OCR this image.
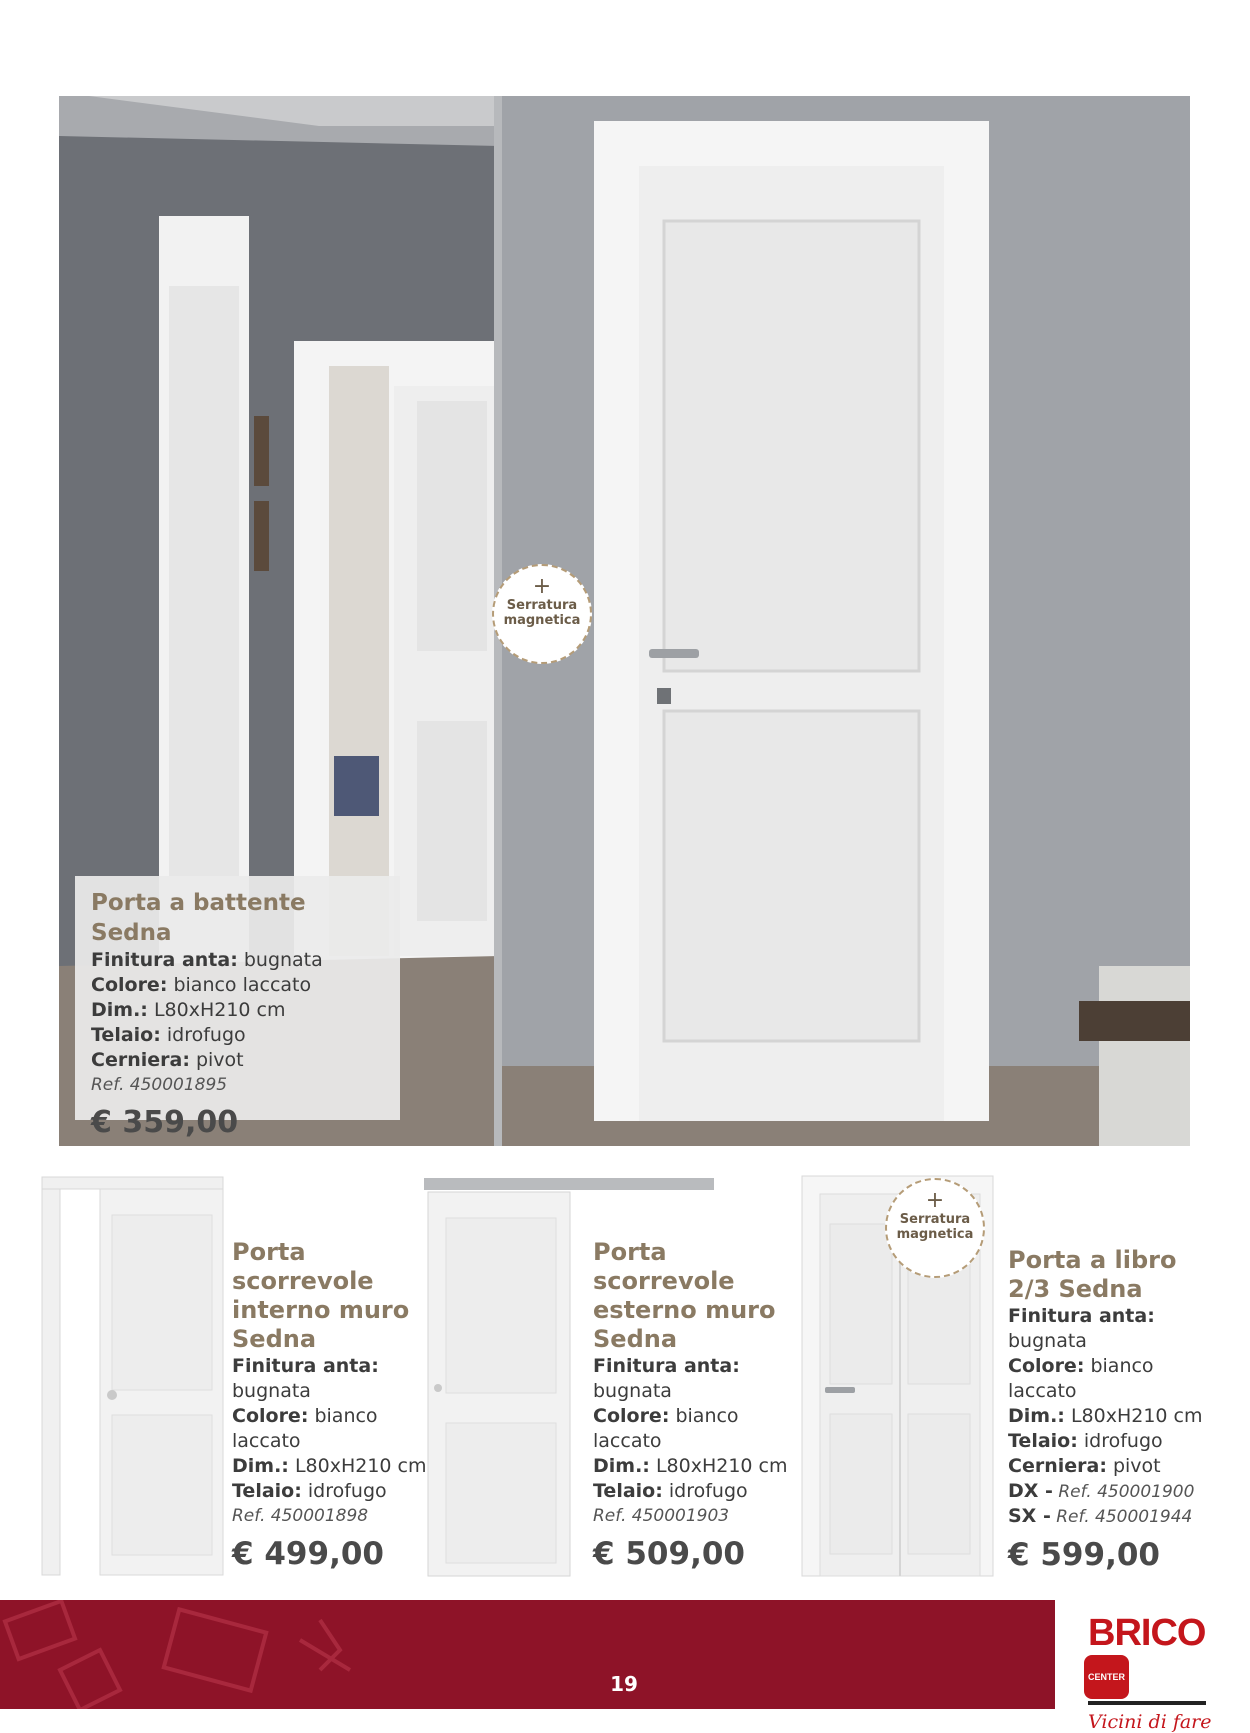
Porta a battente Sedna
Finitura anta: bugnata
Colore: bianco laccato
Dim.: L80xH210 cm
Telaio: idrofugo
Cerniera: pivot
Ref. 450001895
€ 359,00
+
Serratura
magnetica
Porta scorrevole interno muro Sedna
Finitura anta:
bugnata
Colore: bianco laccato
Dim.: L80xH210 cm
Telaio: idrofugo
Ref. 450001898
€ 499,00
Porta scorrevole esterno muro Sedna
Finitura anta:
bugnata
Colore: bianco laccato
Dim.: L80xH210 cm
Telaio: idrofugo
Ref. 450001903
€ 509,00
+
Serratura
magnetica
Porta a libro 2/3 Sedna
Finitura anta:
bugnata
Colore: bianco laccato
Dim.: L80xH210 cm
Telaio: idrofugo
Cerniera: pivot
DX - Ref. 450001900
SX - Ref. 450001944
€ 599,00
19
BRICO CENTER
Vicini di fare
